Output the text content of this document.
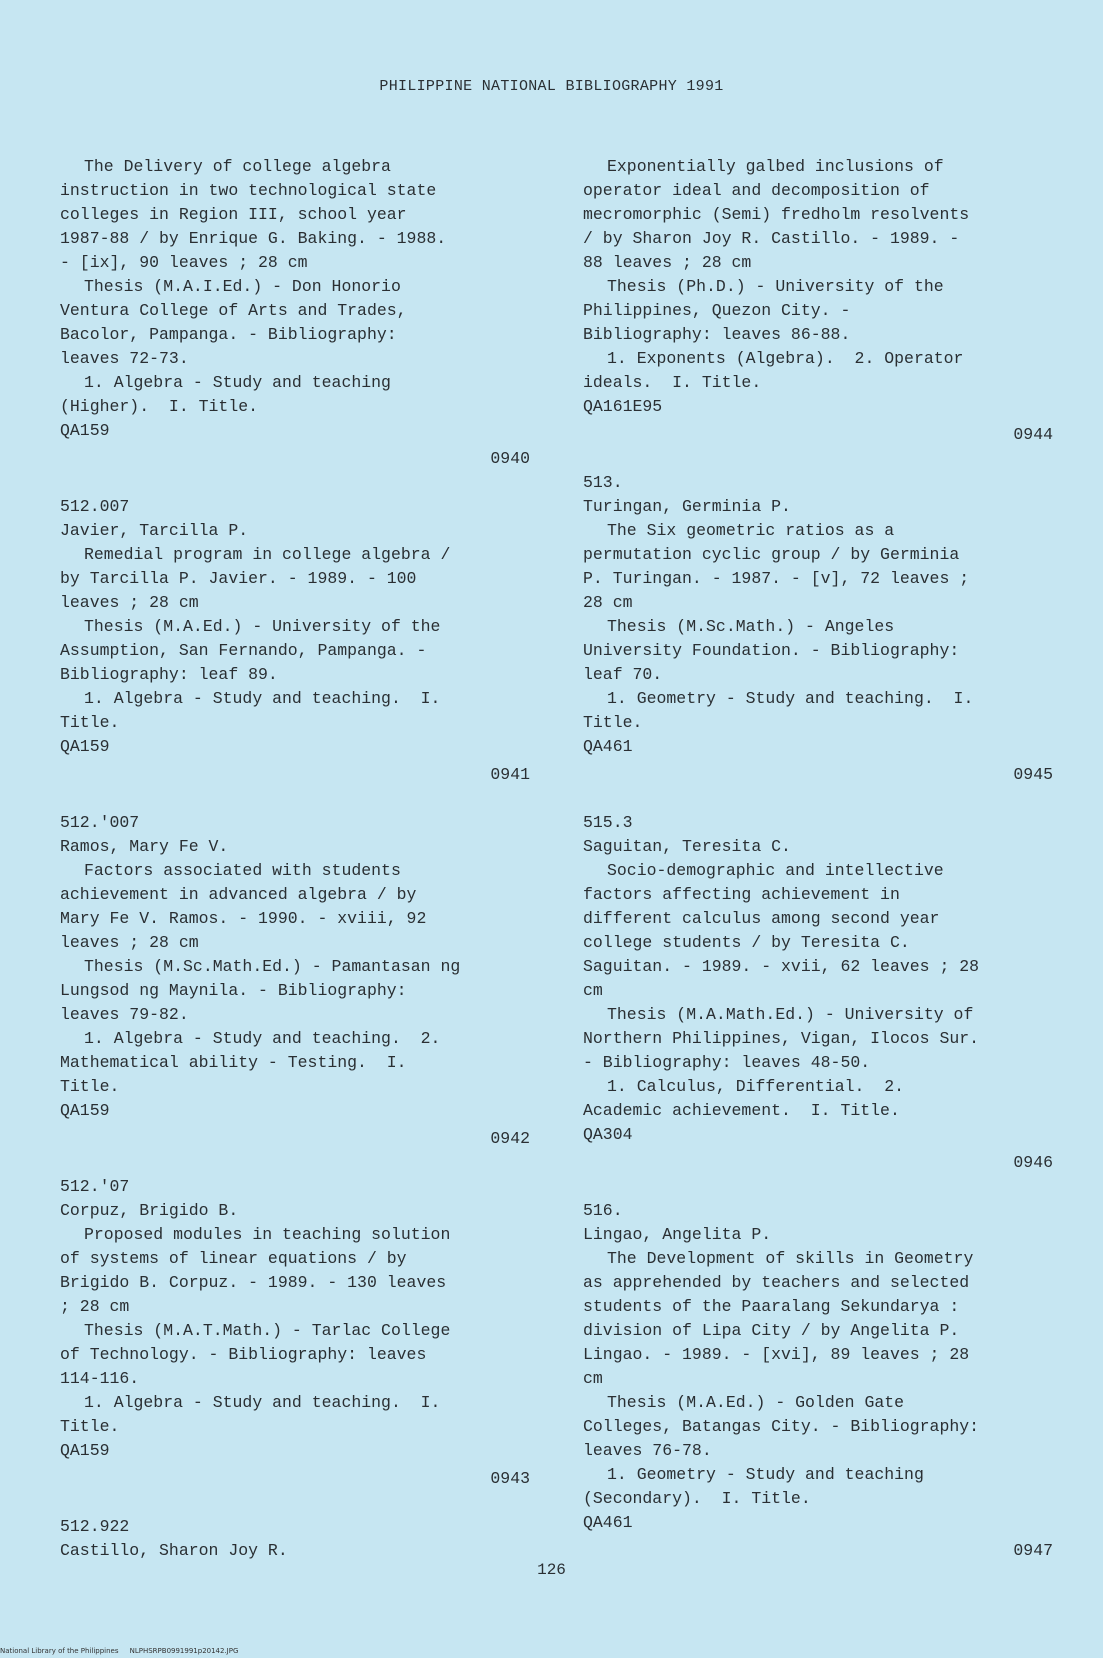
PHILIPPINE NATIONAL BIBLIOGRAPHY 1991
The Delivery of college algebra
instruction in two technological state
colleges in Region III, school year
1987-88 / by Enrique G. Baking. - 1988.
- [ix], 90 leaves ; 28 cm
Thesis (M.A.I.Ed.) - Don Honorio
Ventura College of Arts and Trades,
Bacolor, Pampanga. - Bibliography:
leaves 72-73.
1. Algebra - Study and teaching
(Higher).  I. Title.
QA159
0940
512.007
Javier, Tarcilla P.
Remedial program in college algebra /
by Tarcilla P. Javier. - 1989. - 100
leaves ; 28 cm
Thesis (M.A.Ed.) - University of the
Assumption, San Fernando, Pampanga. -
Bibliography: leaf 89.
1. Algebra - Study and teaching.  I.
Title.
QA159
0941
512.'007
Ramos, Mary Fe V.
Factors associated with students
achievement in advanced algebra / by
Mary Fe V. Ramos. - 1990. - xviii, 92
leaves ; 28 cm
Thesis (M.Sc.Math.Ed.) - Pamantasan ng
Lungsod ng Maynila. - Bibliography:
leaves 79-82.
1. Algebra - Study and teaching.  2.
Mathematical ability - Testing.  I.
Title.
QA159
0942
512.'07
Corpuz, Brigido B.
Proposed modules in teaching solution
of systems of linear equations / by
Brigido B. Corpuz. - 1989. - 130 leaves
; 28 cm
Thesis (M.A.T.Math.) - Tarlac College
of Technology. - Bibliography: leaves
114-116.
1. Algebra - Study and teaching.  I.
Title.
QA159
0943
512.922
Castillo, Sharon Joy R.
Exponentially galbed inclusions of
operator ideal and decomposition of
mecromorphic (Semi) fredholm resolvents
/ by Sharon Joy R. Castillo. - 1989. -
88 leaves ; 28 cm
Thesis (Ph.D.) - University of the
Philippines, Quezon City. -
Bibliography: leaves 86-88.
1. Exponents (Algebra).  2. Operator
ideals.  I. Title.
QA161E95
0944
513.
Turingan, Germinia P.
The Six geometric ratios as a
permutation cyclic group / by Germinia
P. Turingan. - 1987. - [v], 72 leaves ;
28 cm
Thesis (M.Sc.Math.) - Angeles
University Foundation. - Bibliography:
leaf 70.
1. Geometry - Study and teaching.  I.
Title.
QA461
0945
515.3
Saguitan, Teresita C.
Socio-demographic and intellective
factors affecting achievement in
different calculus among second year
college students / by Teresita C.
Saguitan. - 1989. - xvii, 62 leaves ; 28
cm
Thesis (M.A.Math.Ed.) - University of
Northern Philippines, Vigan, Ilocos Sur.
- Bibliography: leaves 48-50.
1. Calculus, Differential.  2.
Academic achievement.  I. Title.
QA304
0946
516.
Lingao, Angelita P.
The Development of skills in Geometry
as apprehended by teachers and selected
students of the Paaralang Sekundarya :
division of Lipa City / by Angelita P.
Lingao. - 1989. - [xvi], 89 leaves ; 28
cm
Thesis (M.A.Ed.) - Golden Gate
Colleges, Batangas City. - Bibliography:
leaves 76-78.
1. Geometry - Study and teaching
(Secondary).  I. Title.
QA461
0947
126
National Library of the Philippines     NLPHSRPB0991991p20142.JPG
